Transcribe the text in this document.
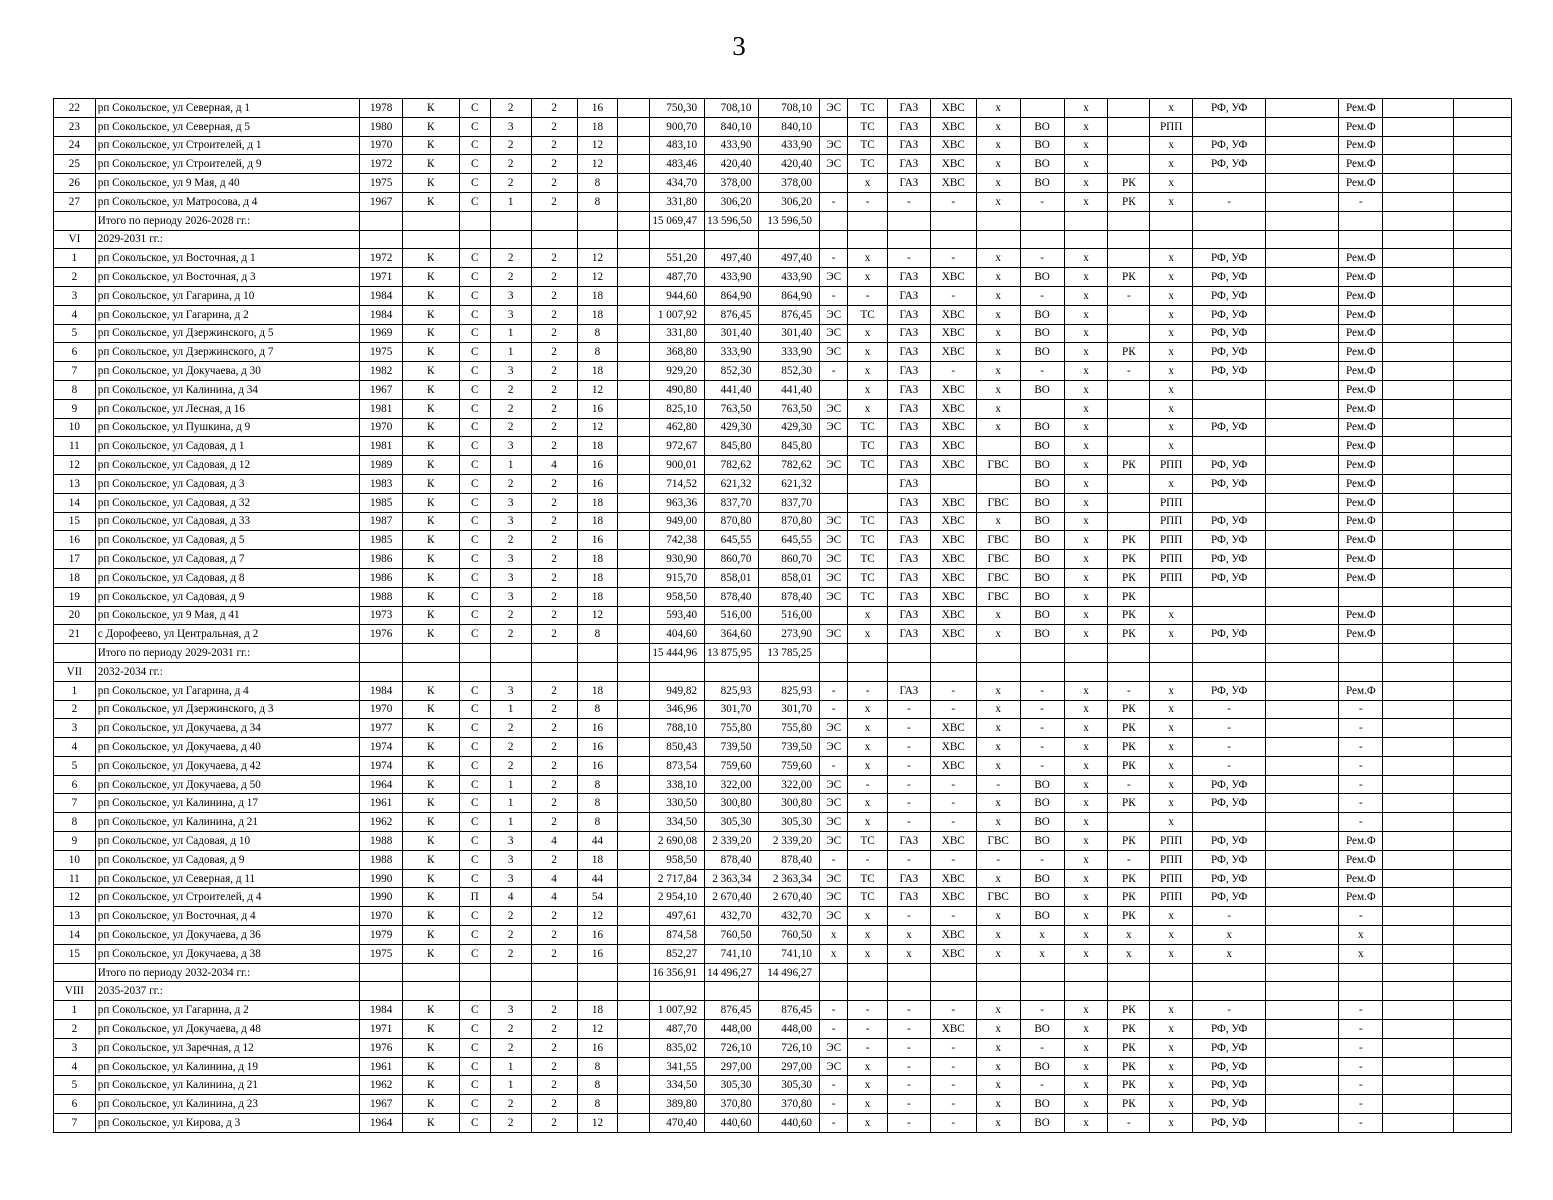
3
22	рп Сокольское, ул Северная, д 1	1978	К	С	2	2	16		750,30	708,10	708,10	ЭС	ТС	ГАЗ	ХВС	х		х		х	РФ, УФ		Рем.Ф		
23	рп Сокольское, ул Северная, д 5	1980	К	С	3	2	18		900,70	840,10	840,10		ТС	ГАЗ	ХВС	х	ВО	х		РПП			Рем.Ф		
24	рп Сокольское, ул Строителей, д 1	1970	К	С	2	2	12		483,10	433,90	433,90	ЭС	ТС	ГАЗ	ХВС	х	ВО	х		х	РФ, УФ		Рем.Ф		
25	рп Сокольское, ул Строителей, д 9	1972	К	С	2	2	12		483,46	420,40	420,40	ЭС	ТС	ГАЗ	ХВС	х	ВО	х		х	РФ, УФ		Рем.Ф		
26	рп Сокольское, ул 9 Мая, д 40	1975	К	С	2	2	8		434,70	378,00	378,00		х	ГАЗ	ХВС	х	ВО	х	РК	х			Рем.Ф		
27	рп Сокольское, ул Матросова, д 4	1967	К	С	1	2	8		331,80	306,20	306,20	-	-	-	-	х	-	х	РК	х	-		-		
	Итого по периоду 2026-2028 гг.:								15 069,47	13 596,50	13 596,50														
VI	2029-2031 гг.:																								
1	рп Сокольское, ул Восточная, д 1	1972	К	С	2	2	12		551,20	497,40	497,40	-	х	-	-	х	-	х		х	РФ, УФ		Рем.Ф		
2	рп Сокольское, ул Восточная, д 3	1971	К	С	2	2	12		487,70	433,90	433,90	ЭС	х	ГАЗ	ХВС	х	ВО	х	РК	х	РФ, УФ		Рем.Ф		
3	рп Сокольское, ул Гагарина, д 10	1984	К	С	3	2	18		944,60	864,90	864,90	-	-	ГАЗ	-	х	-	х	-	х	РФ, УФ		Рем.Ф		
4	рп Сокольское, ул Гагарина, д 2	1984	К	С	3	2	18		1 007,92	876,45	876,45	ЭС	ТС	ГАЗ	ХВС	х	ВО	х		х	РФ, УФ		Рем.Ф		
5	рп Сокольское, ул Дзержинского, д 5	1969	К	С	1	2	8		331,80	301,40	301,40	ЭС	х	ГАЗ	ХВС	х	ВО	х		х	РФ, УФ		Рем.Ф		
6	рп Сокольское, ул Дзержинского, д 7	1975	К	С	1	2	8		368,80	333,90	333,90	ЭС	х	ГАЗ	ХВС	х	ВО	х	РК	х	РФ, УФ		Рем.Ф		
7	рп Сокольское, ул Докучаева, д 30	1982	К	С	3	2	18		929,20	852,30	852,30	-	х	ГАЗ	-	х	-	х	-	х	РФ, УФ		Рем.Ф		
8	рп Сокольское, ул Калинина, д 34	1967	К	С	2	2	12		490,80	441,40	441,40		х	ГАЗ	ХВС	х	ВО	х		х			Рем.Ф		
9	рп Сокольское, ул Лесная, д 16	1981	К	С	2	2	16		825,10	763,50	763,50	ЭС	х	ГАЗ	ХВС	х		х		х			Рем.Ф		
10	рп Сокольское, ул Пушкина, д 9	1970	К	С	2	2	12		462,80	429,30	429,30	ЭС	ТС	ГАЗ	ХВС	х	ВО	х		х	РФ, УФ		Рем.Ф		
11	рп Сокольское, ул Садовая, д 1	1981	К	С	3	2	18		972,67	845,80	845,80		ТС	ГАЗ	ХВС		ВО	х		х			Рем.Ф		
12	рп Сокольское, ул Садовая, д 12	1989	К	С	1	4	16		900,01	782,62	782,62	ЭС	ТС	ГАЗ	ХВС	ГВС	ВО	х	РК	РПП	РФ, УФ		Рем.Ф		
13	рп Сокольское, ул Садовая, д 3	1983	К	С	2	2	16		714,52	621,32	621,32			ГАЗ			ВО	х		х	РФ, УФ		Рем.Ф		
14	рп Сокольское, ул Садовая, д 32	1985	К	С	3	2	18		963,36	837,70	837,70			ГАЗ	ХВС	ГВС	ВО	х		РПП			Рем.Ф		
15	рп Сокольское, ул Садовая, д 33	1987	К	С	3	2	18		949,00	870,80	870,80	ЭС	ТС	ГАЗ	ХВС	х	ВО	х		РПП	РФ, УФ		Рем.Ф		
16	рп Сокольское, ул Садовая, д 5	1985	К	С	2	2	16		742,38	645,55	645,55	ЭС	ТС	ГАЗ	ХВС	ГВС	ВО	х	РК	РПП	РФ, УФ		Рем.Ф		
17	рп Сокольское, ул Садовая, д 7	1986	К	С	3	2	18		930,90	860,70	860,70	ЭС	ТС	ГАЗ	ХВС	ГВС	ВО	х	РК	РПП	РФ, УФ		Рем.Ф		
18	рп Сокольское, ул Садовая, д 8	1986	К	С	3	2	18		915,70	858,01	858,01	ЭС	ТС	ГАЗ	ХВС	ГВС	ВО	х	РК	РПП	РФ, УФ		Рем.Ф		
19	рп Сокольское, ул Садовая, д 9	1988	К	С	3	2	18		958,50	878,40	878,40	ЭС	ТС	ГАЗ	ХВС	ГВС	ВО	х	РК						
20	рп Сокольское, ул 9 Мая, д 41	1973	К	С	2	2	12		593,40	516,00	516,00		х	ГАЗ	ХВС	х	ВО	х	РК	х			Рем.Ф		
21	с Дорофеево, ул Центральная, д 2	1976	К	С	2	2	8		404,60	364,60	273,90	ЭС	х	ГАЗ	ХВС	х	ВО	х	РК	х	РФ, УФ		Рем.Ф		
	Итого по периоду 2029-2031 гг.:								15 444,96	13 875,95	13 785,25														
VII	2032-2034 гг.:																								
1	рп Сокольское, ул Гагарина, д 4	1984	К	С	3	2	18		949,82	825,93	825,93	-	-	ГАЗ	-	х	-	х	-	х	РФ, УФ		Рем.Ф		
2	рп Сокольское, ул Дзержинского, д 3	1970	К	С	1	2	8		346,96	301,70	301,70	-	х	-	-	х	-	х	РК	х	-		-		
3	рп Сокольское, ул Докучаева, д 34	1977	К	С	2	2	16		788,10	755,80	755,80	ЭС	х	-	ХВС	х	-	х	РК	х	-		-		
4	рп Сокольское, ул Докучаева, д 40	1974	К	С	2	2	16		850,43	739,50	739,50	ЭС	х	-	ХВС	х	-	х	РК	х	-		-		
5	рп Сокольское, ул Докучаева, д 42	1974	К	С	2	2	16		873,54	759,60	759,60	-	х	-	ХВС	х	-	х	РК	х	-		-		
6	рп Сокольское, ул Докучаева, д 50	1964	К	С	1	2	8		338,10	322,00	322,00	ЭС	-	-	-	-	ВО	х	-	х	РФ, УФ		-		
7	рп Сокольское, ул Калинина, д 17	1961	К	С	1	2	8		330,50	300,80	300,80	ЭС	х	-	-	х	ВО	х	РК	х	РФ, УФ		-		
8	рп Сокольское, ул Калинина, д 21	1962	К	С	1	2	8		334,50	305,30	305,30	ЭС	х	-	-	х	ВО	х		х			-		
9	рп Сокольское, ул Садовая, д 10	1988	К	С	3	4	44		2 690,08	2 339,20	2 339,20	ЭС	ТС	ГАЗ	ХВС	ГВС	ВО	х	РК	РПП	РФ, УФ		Рем.Ф		
10	рп Сокольское, ул Садовая, д 9	1988	К	С	3	2	18		958,50	878,40	878,40	-	-	-	-	-	-	х	-	РПП	РФ, УФ		Рем.Ф		
11	рп Сокольское, ул Северная, д 11	1990	К	С	3	4	44		2 717,84	2 363,34	2 363,34	ЭС	ТС	ГАЗ	ХВС	х	ВО	х	РК	РПП	РФ, УФ		Рем.Ф		
12	рп Сокольское, ул Строителей, д 4	1990	К	П	4	4	54		2 954,10	2 670,40	2 670,40	ЭС	ТС	ГАЗ	ХВС	ГВС	ВО	х	РК	РПП	РФ, УФ		Рем.Ф		
13	рп Сокольское, ул Восточная, д 4	1970	К	С	2	2	12		497,61	432,70	432,70	ЭС	х	-	-	х	ВО	х	РК	х	-		-		
14	рп Сокольское, ул Докучаева, д 36	1979	К	С	2	2	16		874,58	760,50	760,50	х	х	х	ХВС	х	х	х	х	х	х		х		
15	рп Сокольское, ул Докучаева, д 38	1975	К	С	2	2	16		852,27	741,10	741,10	х	х	х	ХВС	х	х	х	х	х	х		х		
	Итого по периоду 2032-2034 гг.:								16 356,91	14 496,27	14 496,27														
VIII	2035-2037 гг.:																								
1	рп Сокольское, ул Гагарина, д 2	1984	К	С	3	2	18		1 007,92	876,45	876,45	-	-	-	-	х	-	х	РК	х	-		-		
2	рп Сокольское, ул Докучаева, д 48	1971	К	С	2	2	12		487,70	448,00	448,00	-	-	-	ХВС	х	ВО	х	РК	х	РФ, УФ		-		
3	рп Сокольское, ул Заречная, д 12	1976	К	С	2	2	16		835,02	726,10	726,10	ЭС	-	-	-	х	-	х	РК	х	РФ, УФ		-		
4	рп Сокольское, ул Калинина, д 19	1961	К	С	1	2	8		341,55	297,00	297,00	ЭС	х	-	-	х	ВО	х	РК	х	РФ, УФ		-		
5	рп Сокольское, ул Калинина, д 21	1962	К	С	1	2	8		334,50	305,30	305,30	-	х	-	-	х	-	х	РК	х	РФ, УФ		-		
6	рп Сокольское, ул Калинина, д 23	1967	К	С	2	2	8		389,80	370,80	370,80	-	х	-	-	х	ВО	х	РК	х	РФ, УФ		-		
7	рп Сокольское, ул Кирова, д 3	1964	К	С	2	2	12		470,40	440,60	440,60	-	х	-	-	х	ВО	х	-	х	РФ, УФ		-		
